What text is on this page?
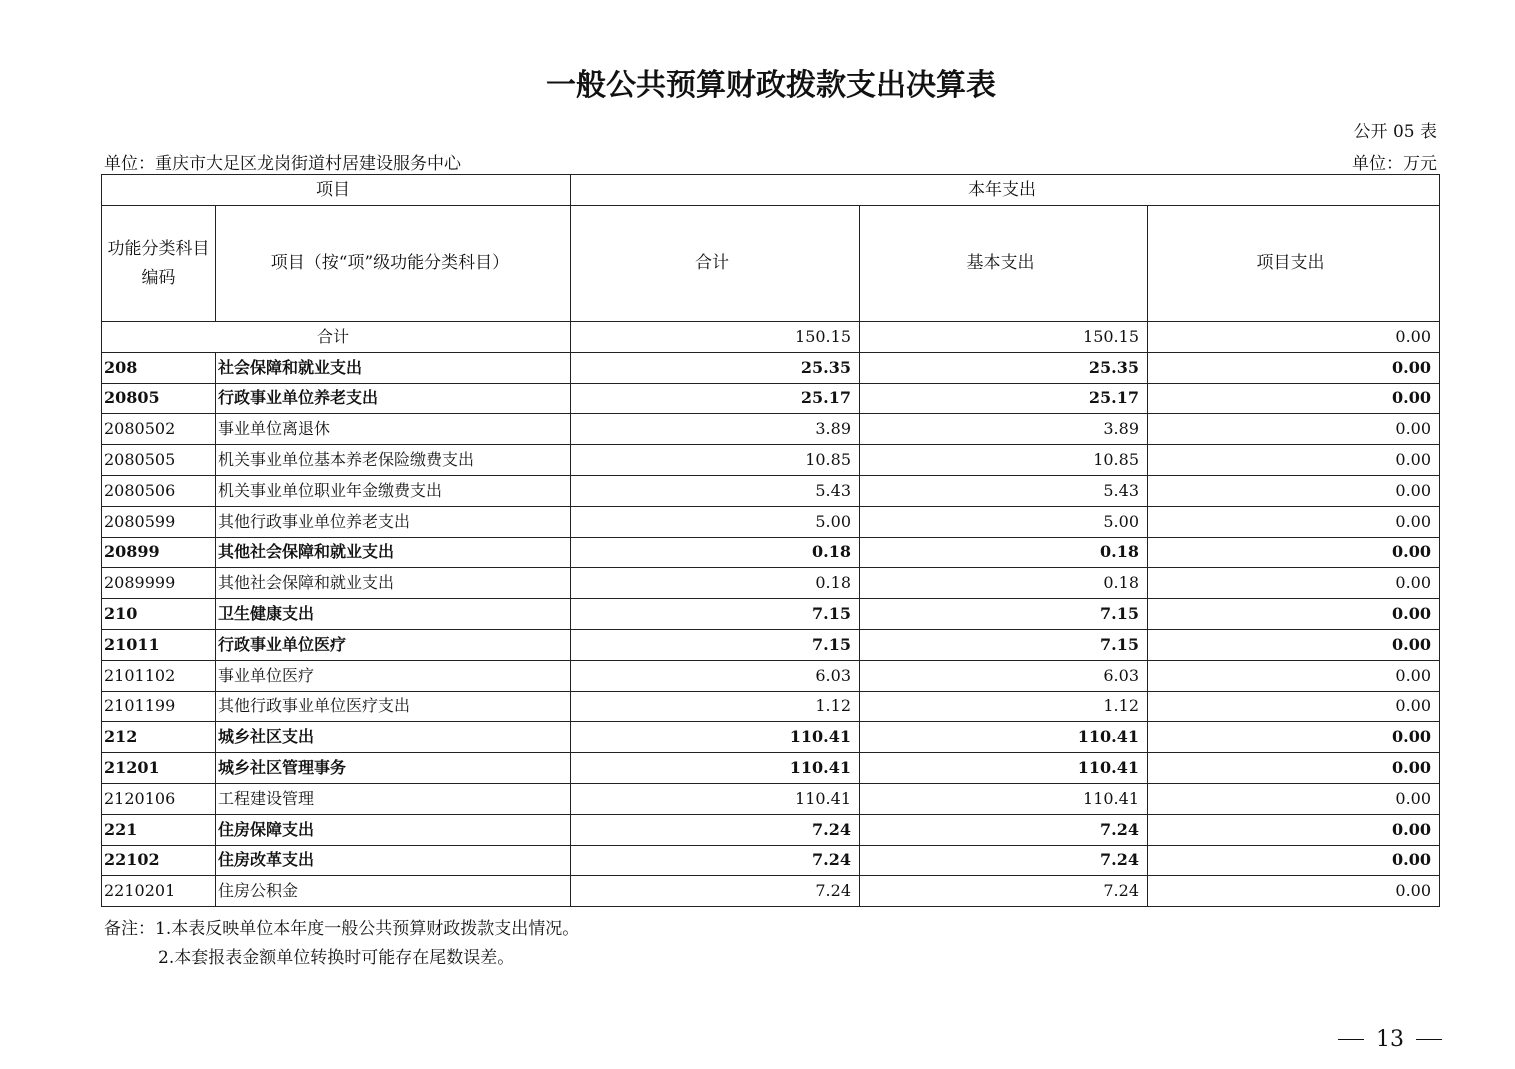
一般公共预算财政拨款支出决算表
公开 05 表
单位：重庆市大足区龙岗街道村居建设服务中心	单位：万元
项目		本年支出		
功能分类科目编码	项目（按“项”级功能分类科目）	合计	基本支出	项目支出
合计		150.15	150.15	0.00
208	社会保障和就业支出	25.35	25.35	0.00
20805	行政事业单位养老支出	25.17	25.17	0.00
2080502	事业单位离退休	3.89	3.89	0.00
2080505	机关事业单位基本养老保险缴费支出	10.85	10.85	0.00
2080506	机关事业单位职业年金缴费支出	5.43	5.43	0.00
2080599	其他行政事业单位养老支出	5.00	5.00	0.00
20899	其他社会保障和就业支出	0.18	0.18	0.00
2089999	其他社会保障和就业支出	0.18	0.18	0.00
210	卫生健康支出	7.15	7.15	0.00
21011	行政事业单位医疗	7.15	7.15	0.00
2101102	事业单位医疗	6.03	6.03	0.00
2101199	其他行政事业单位医疗支出	1.12	1.12	0.00
212	城乡社区支出	110.41	110.41	0.00
21201	城乡社区管理事务	110.41	110.41	0.00
2120106	工程建设管理	110.41	110.41	0.00
221	住房保障支出	7.24	7.24	0.00
22102	住房改革支出	7.24	7.24	0.00
2210201	住房公积金	7.24	7.24	0.00
备注：1.本表反映单位本年度一般公共预算财政拨款支出情况。
2.本套报表金额单位转换时可能存在尾数误差。
13
